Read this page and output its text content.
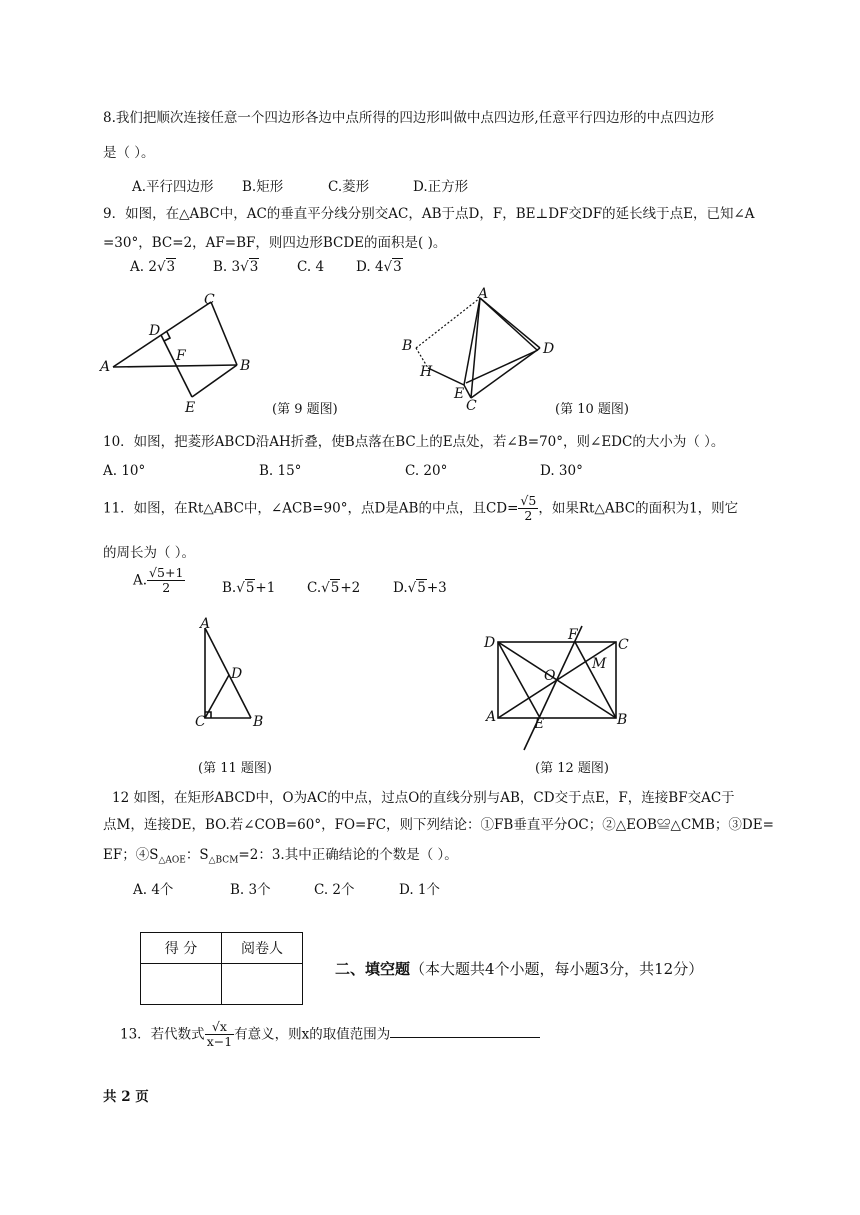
8.我们把顺次连接任意一个四边形各边中点所得的四边形叫做中点四边形,任意平行四边形的中点四边形
是（ ）。
A.平行四边形 B.矩形	C.菱形	D.正方形
9．如图，在△ABC中，AC的垂直平分线分别交AC，AB于点D，F，BE⊥DF交DF的延长线于点E，已知∠A
=30°，BC=2，AF=BF，则四边形BCDE的面积是( )。
A. 2√3	B. 3√3	C. 4 D. 4√3
C
D
F
A	B
E	(第 9 题图)
A
B	D
H
E
C	(第 10 题图)
10．如图，把菱形ABCD沿AH折叠，使B点落在BC上的E点处，若∠B=70°，则∠EDC的大小为（ ）。
A. 10°	B. 15°	C. 20°	D. 30°
11．如图，在Rt△ABC中，∠ACB=90°，点D是AB的中点，且$CD= \frac{√5}{2}$ ，如果Rt△ABC的面积为1，则它
的周长为（ ）。
A. $\frac{√5+1}{2}$	B.√5+1 C.√5+2 D.√5+3
A
D
C	B
(第 11 题图)
D	F
C
M
O
A	E	B
(第 12 题图)
12 如图，在矩形ABCD中，O为AC的中点，过点O的直线分别与AB，CD交于点E，F，连接BF交AC于
点M，连接DE，BO.若∠COB=60°，FO=FC，则下列结论：①FB垂直平分OC；②△EOB≌△CMB；③DE=
EF；$④S_{\triangle AOE}$：$S_{\triangle BCM}=2$：3.其中正确结论的个数是（ ）。
A. 4个	B. 3个	C. 2个	D. 1个
得 分	阅卷人

二、填空题（本大题共4个小题，每小题3分，共12分）
13．若代数式 $\frac{√x}{x-1}$ 有意义，则x的取值范围为
共 2 页
